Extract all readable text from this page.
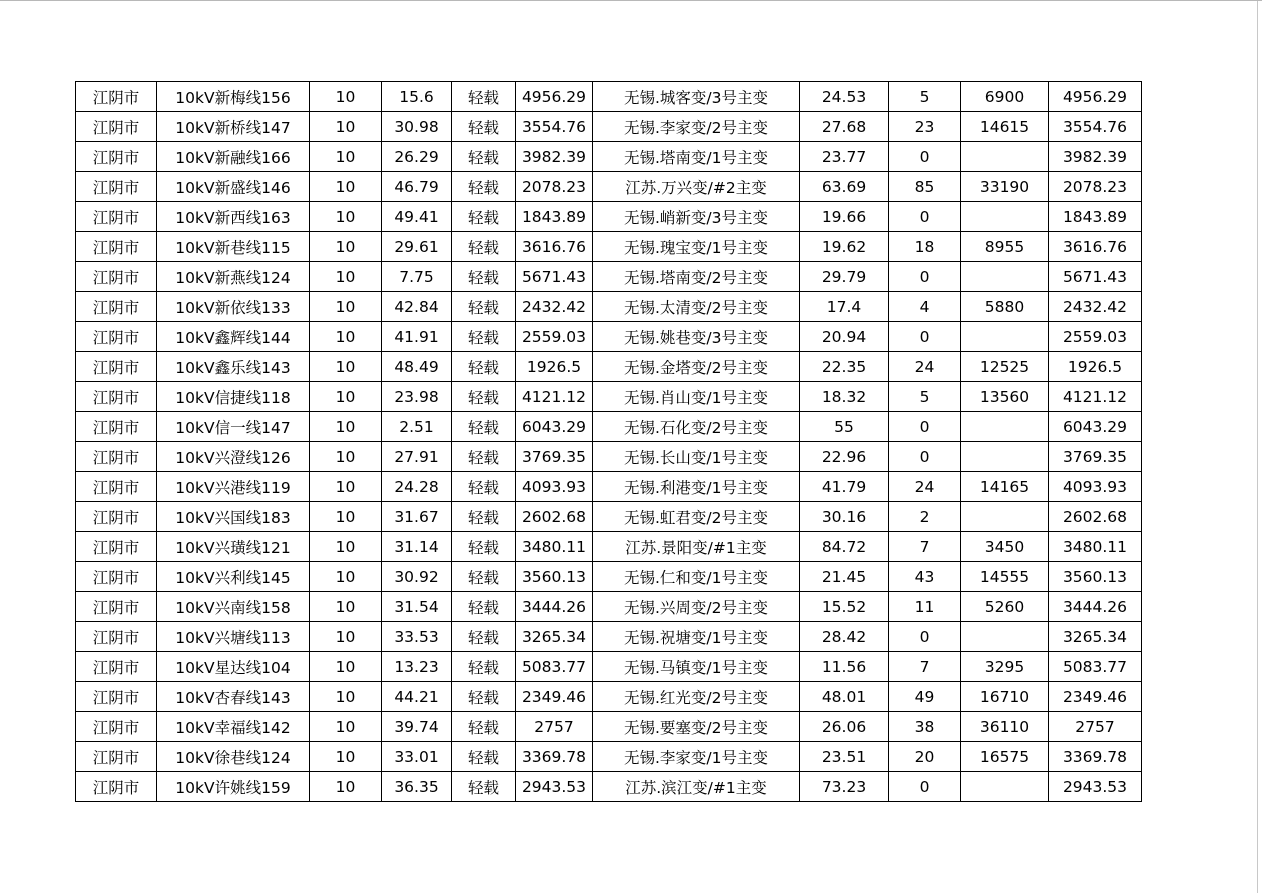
江阴市	10kV新梅线156	10	15.6	轻载	4956.29	无锡.城客变/3号主变	24.53	5	6900	4956.29
江阴市	10kV新桥线147	10	30.98	轻载	3554.76	无锡.李家变/2号主变	27.68	23	14615	3554.76
江阴市	10kV新融线166	10	26.29	轻载	3982.39	无锡.塔南变/1号主变	23.77	0		3982.39
江阴市	10kV新盛线146	10	46.79	轻载	2078.23	江苏.万兴变/#2主变	63.69	85	33190	2078.23
江阴市	10kV新西线163	10	49.41	轻载	1843.89	无锡.峭新变/3号主变	19.66	0		1843.89
江阴市	10kV新巷线115	10	29.61	轻载	3616.76	无锡.瑰宝变/1号主变	19.62	18	8955	3616.76
江阴市	10kV新燕线124	10	7.75	轻载	5671.43	无锡.塔南变/2号主变	29.79	0		5671.43
江阴市	10kV新依线133	10	42.84	轻载	2432.42	无锡.太清变/2号主变	17.4	4	5880	2432.42
江阴市	10kV鑫辉线144	10	41.91	轻载	2559.03	无锡.姚巷变/3号主变	20.94	0		2559.03
江阴市	10kV鑫乐线143	10	48.49	轻载	1926.5	无锡.金塔变/2号主变	22.35	24	12525	1926.5
江阴市	10kV信捷线118	10	23.98	轻载	4121.12	无锡.肖山变/1号主变	18.32	5	13560	4121.12
江阴市	10kV信一线147	10	2.51	轻载	6043.29	无锡.石化变/2号主变	55	0		6043.29
江阴市	10kV兴澄线126	10	27.91	轻载	3769.35	无锡.长山变/1号主变	22.96	0		3769.35
江阴市	10kV兴港线119	10	24.28	轻载	4093.93	无锡.利港变/1号主变	41.79	24	14165	4093.93
江阴市	10kV兴国线183	10	31.67	轻载	2602.68	无锡.虹君变/2号主变	30.16	2		2602.68
江阴市	10kV兴璜线121	10	31.14	轻载	3480.11	江苏.景阳变/#1主变	84.72	7	3450	3480.11
江阴市	10kV兴利线145	10	30.92	轻载	3560.13	无锡.仁和变/1号主变	21.45	43	14555	3560.13
江阴市	10kV兴南线158	10	31.54	轻载	3444.26	无锡.兴周变/2号主变	15.52	11	5260	3444.26
江阴市	10kV兴塘线113	10	33.53	轻载	3265.34	无锡.祝塘变/1号主变	28.42	0		3265.34
江阴市	10kV星达线104	10	13.23	轻载	5083.77	无锡.马镇变/1号主变	11.56	7	3295	5083.77
江阴市	10kV杏春线143	10	44.21	轻载	2349.46	无锡.红光变/2号主变	48.01	49	16710	2349.46
江阴市	10kV幸福线142	10	39.74	轻载	2757	无锡.要塞变/2号主变	26.06	38	36110	2757
江阴市	10kV徐巷线124	10	33.01	轻载	3369.78	无锡.李家变/1号主变	23.51	20	16575	3369.78
江阴市	10kV许姚线159	10	36.35	轻载	2943.53	江苏.滨江变/#1主变	73.23	0		2943.53
